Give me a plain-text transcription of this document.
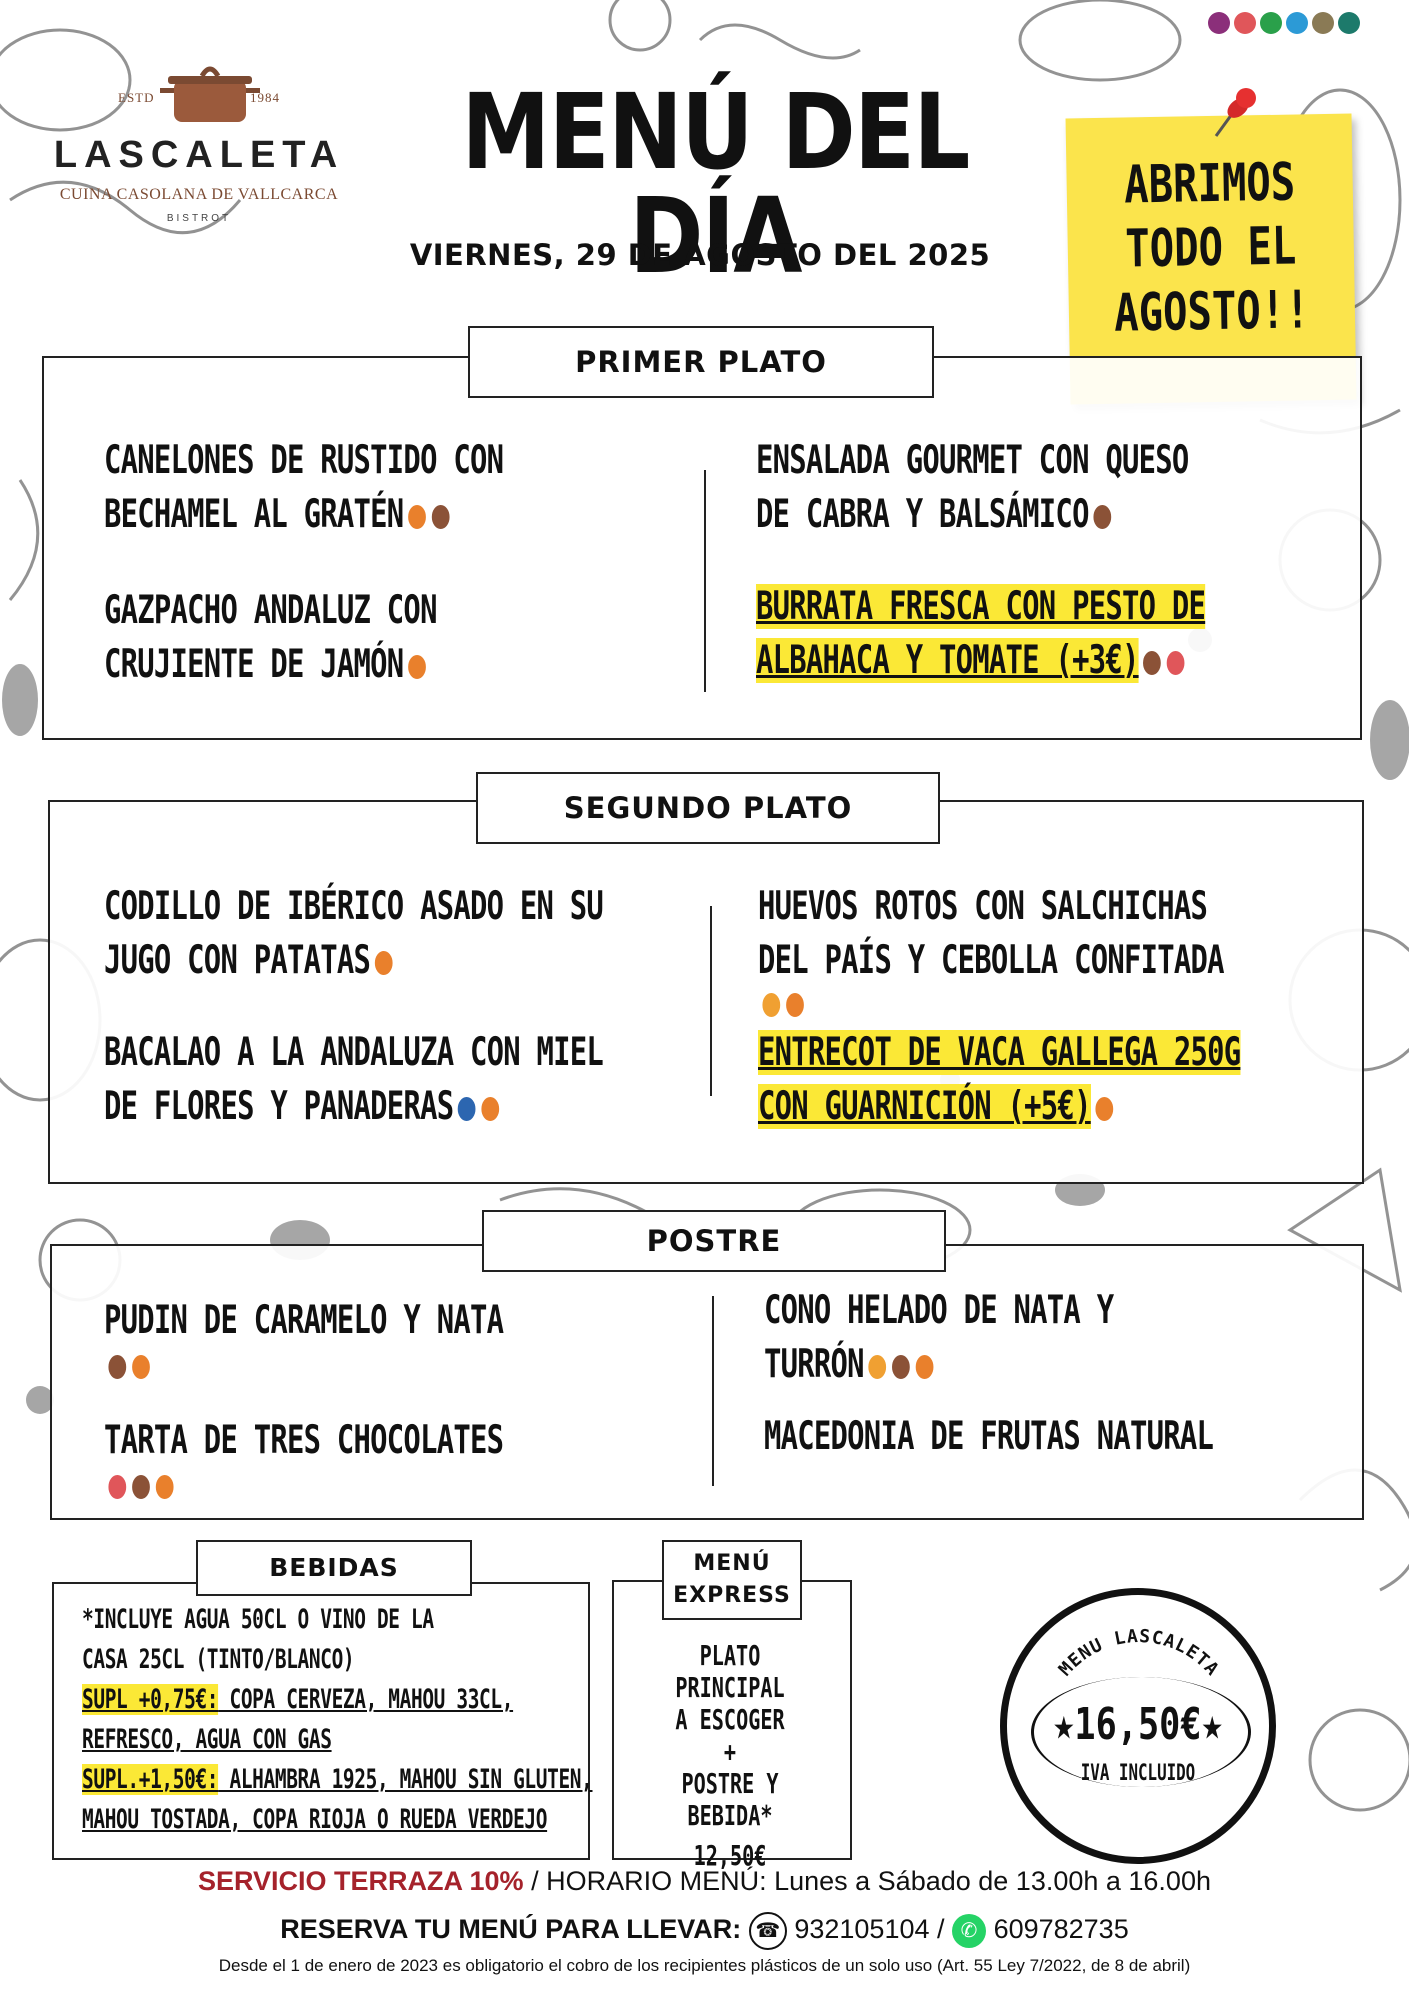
ESTD	1984
LASCALETA
CUINA CASOLANA DE VALLCARCA
BISTROT
MENÚ DEL DÍA
VIERNES, 29 DE AGOSTO DEL 2025
ABRIMOS
TODO EL
AGOSTO!!
PRIMER PLATO
CANELONES DE RUSTIDO CON
BECHAMEL AL GRATÉN
GAZPACHO ANDALUZ CON
CRUJIENTE DE JAMÓN
ENSALADA GOURMET CON QUESO
DE CABRA Y BALSÁMICO
BURRATA FRESCA CON PESTO DE
ALBAHACA Y TOMATE (+3€)
SEGUNDO PLATO
CODILLO DE IBÉRICO ASADO EN SU
JUGO CON PATATAS
BACALAO A LA ANDALUZA CON MIEL
DE FLORES Y PANADERAS
HUEVOS ROTOS CON SALCHICHAS
DEL PAÍS Y CEBOLLA CONFITADA
ENTRECOT DE VACA GALLEGA 250G
CON GUARNICIÓN (+5€)
POSTRE
PUDIN DE CARAMELO Y NATA
TARTA DE TRES CHOCOLATES
CONO HELADO DE NATA Y
TURRÓN
MACEDONIA DE FRUTAS NATURAL
BEBIDAS
*INCLUYE AGUA 50CL O VINO DE LA
CASA 25CL (TINTO/BLANCO)
SUPL +0,75€: COPA CERVEZA, MAHOU 33CL,
REFRESCO, AGUA CON GAS
SUPL.+1,50€: ALHAMBRA 1925, MAHOU SIN GLUTEN,
MAHOU TOSTADA, COPA RIOJA O RUEDA VERDEJO
MENÚ
EXPRESS
PLATO PRINCIPAL
A ESCOGER
+
POSTRE Y
BEBIDA*
12,50€
MENU LASCALETA
★16,50€★
IVA INCLUIDO
SERVICIO TERRAZA 10% / HORARIO MENÚ: Lunes a Sábado de 13.00h a 16.00h
RESERVA TU MENÚ PARA LLEVAR: ☎ 932105104 / ✆ 609782735
Desde el 1 de enero de 2023 es obligatorio el cobro de los recipientes plásticos de un solo uso (Art. 55 Ley 7/2022, de 8 de abril)
